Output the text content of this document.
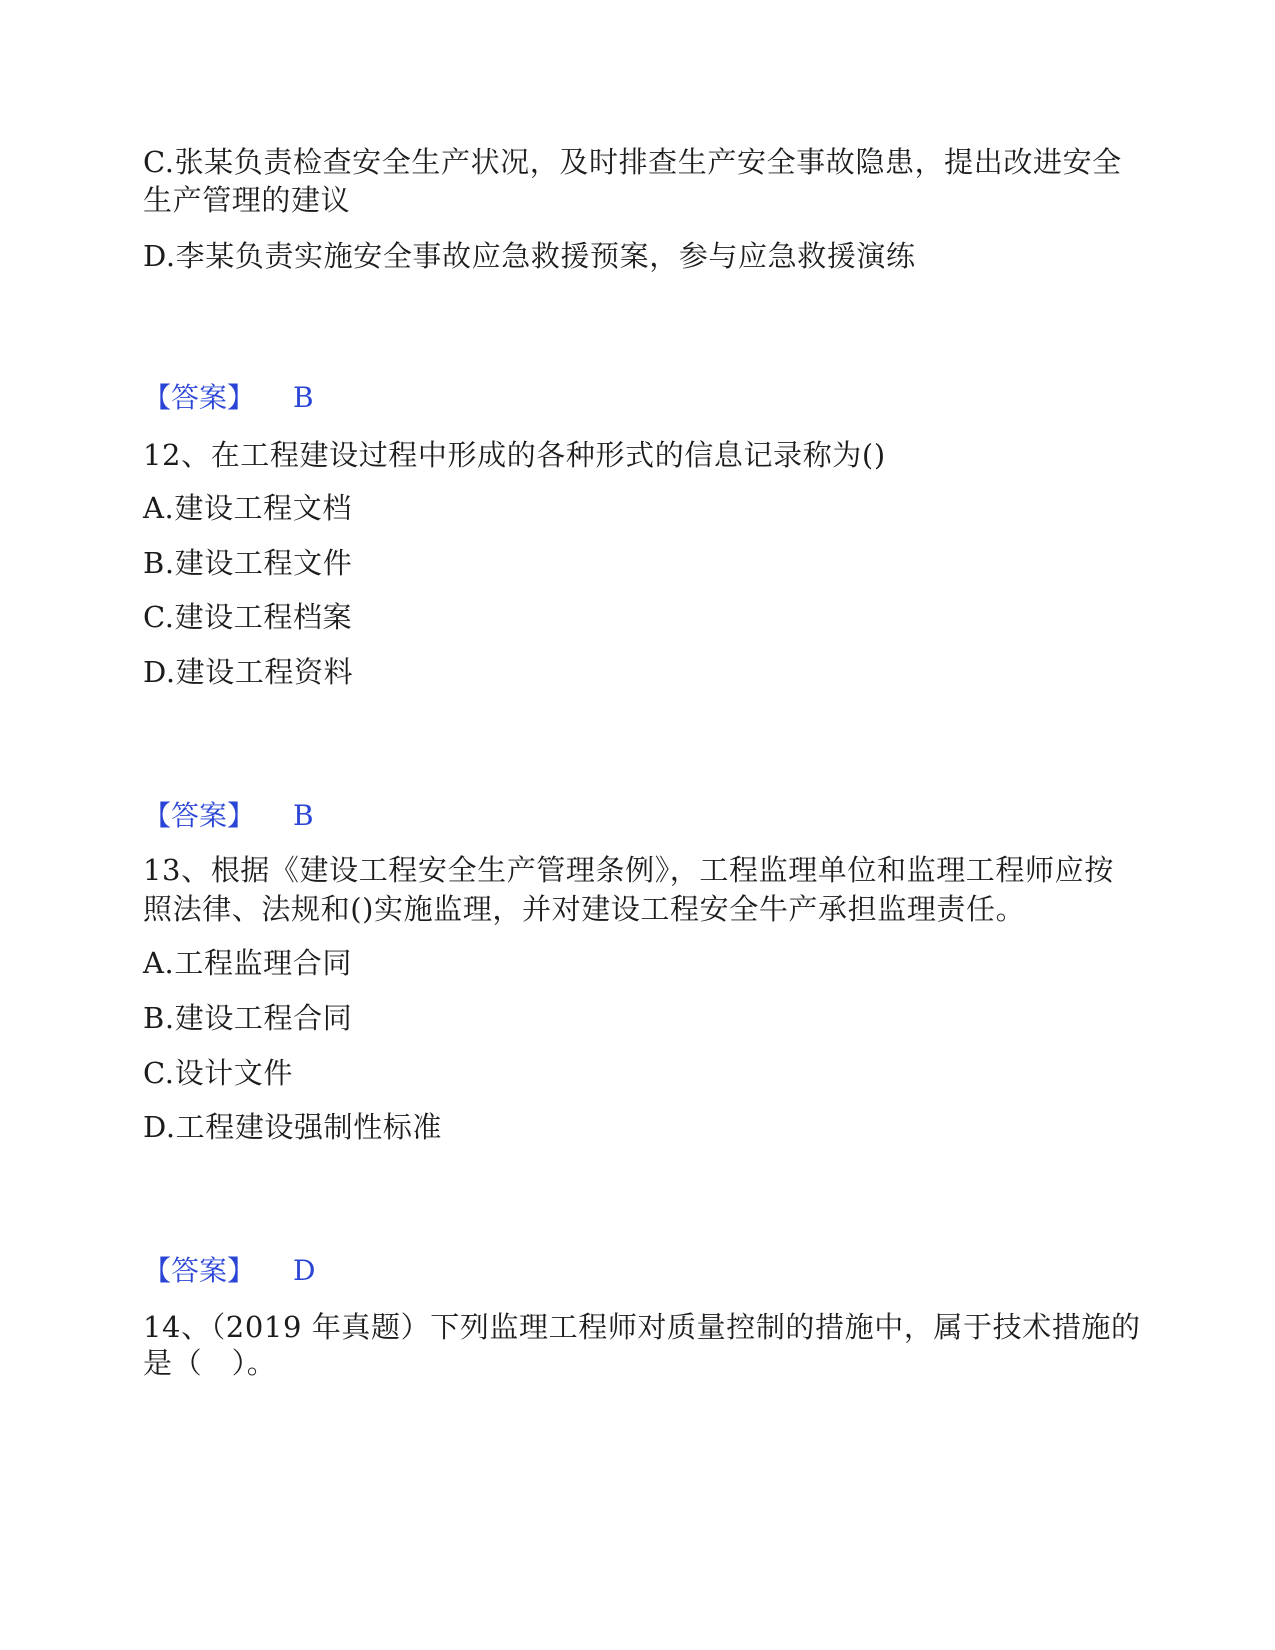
C.张某负责检查安全生产状况，及时排查生产安全事故隐患，提出改进安全
生产管理的建议
D.李某负责实施安全事故应急救援预案，参与应急救援演练

【答案】

B

12、在工程建设过程中形成的各种形式的信息记录称为()
A.建设工程文档
B.建设工程文件
C.建设工程档案
D.建设工程资料

【答案】

B

13、根据《建设工程安全生产管理条例》，工程监理单位和监理工程师应按
照法律、法规和()实施监理，并对建设工程安全牛产承担监理责任。
A.工程监理合同
B.建设工程合同
C.设计文件
D.工程建设强制性标准

【答案】

D

14、（2019 年真题）下列监理工程师对质量控制的措施中，属于技术措施的
是（   ）。
